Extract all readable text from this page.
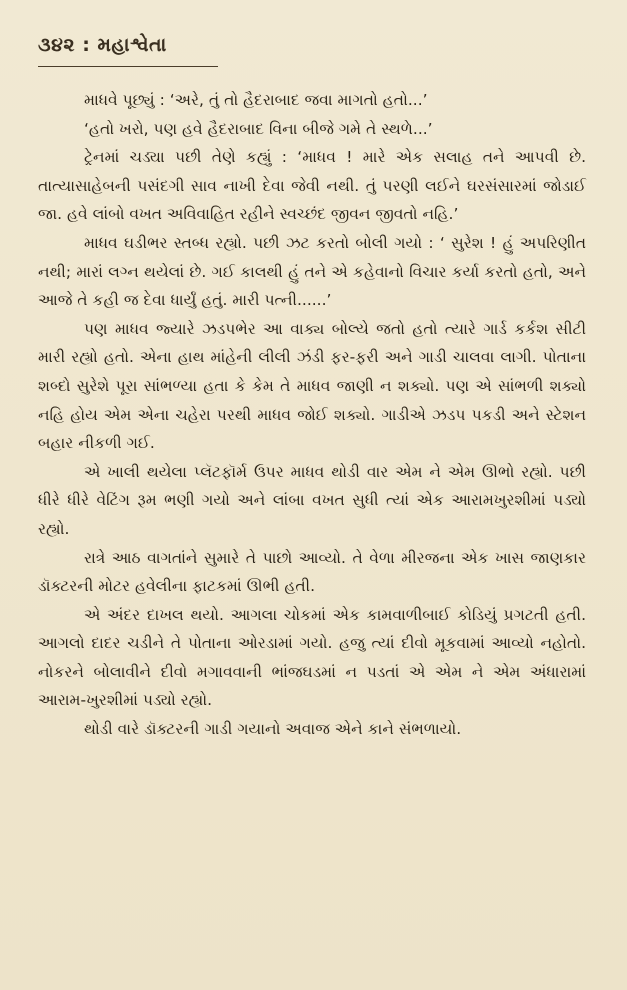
૩૪૨ : મહાશ્વેતા

માધવે પૂછ્યું : ‘અરે, તું તો હૈદરાબાદ જવા માગતો હતો...’

‘હતો ખરો, પણ હવે હૈદરાબાદ વિના બીજે ગમે તે સ્થળે...’

ટ્રેનમાં ચડ્યા પછી તેણે કહ્યું : ‘માધવ ! મારે એક સલાહ તને આપવી છે. તાત્યાસાહેબની પસંદગી સાવ નાખી દેવા જેવી નથી. તું પરણી લઈને ઘરસંસારમાં જોડાઈ જા. હવે લાંબો વખત અવિવાહિત રહીને સ્વચ્છંદ જીવન જીવતો નહિ.’

માધવ ઘડીભર સ્તબ્ધ રહ્યો. પછી ઝટ કરતો બોલી ગયો : ‘ સુરેશ ! હું અપરિણીત નથી; મારાં લગ્ન થયેલાં છે. ગઈ કાલથી હું તને એ કહેવાનો વિચાર કર્યા કરતો હતો, અને આજે તે કહી જ દેવા ધાર્યું હતું. મારી પત્ની......’

પણ માધવ જ્યારે ઝડપભેર આ વાક્ય બોલ્યે જતો હતો ત્યારે ગાર્ડ કર્કશ સીટી મારી રહ્યો હતો. એના હાથ માંહેની લીલી ઝંડી ફર-ફરી અને ગાડી ચાલવા લાગી. પોતાના શબ્દો સુરેશે પૂરા સાંભળ્યા હતા કે કેમ તે માધવ જાણી ન શક્યો. પણ એ સાંભળી શક્યો નહિ હોય એમ એના ચહેરા પરથી માધવ જોઈ શક્યો. ગાડીએ ઝડપ પકડી અને સ્ટેશન બહાર નીકળી ગઈ.

એ ખાલી થયેલા પ્લૅટફૉર્મ ઉપર માધવ થોડી વાર એમ ને એમ ઊભો રહ્યો. પછી ધીરે ધીરે વેટિંગ રૂમ ભણી ગયો અને લાંબા વખત સુધી ત્યાં એક આરામખુરશીમાં પડ્યો રહ્યો.

રાત્રે આઠ વાગતાંને સુમારે તે પાછો આવ્યો. તે વેળા મીરજના એક ખાસ જાણકાર ડૉક્ટરની મોટર હવેલીના ફાટકમાં ઊભી હતી.

એ અંદર દાખલ થયો. આગલા ચોકમાં એક કામવાળીબાઈ કોડિયું પ્રગટતી હતી. આગલો દાદર ચડીને તે પોતાના ઓરડામાં ગયો. હજુ ત્યાં દીવો મૂકવામાં આવ્યો નહોતો. નોકરને બોલાવીને દીવો મગાવવાની ભાંજઘડમાં ન પડતાં એ એમ ને એમ અંધારામાં આરામ-ખુરશીમાં પડ્યો રહ્યો.

થોડી વારે ડૉક્ટરની ગાડી ગયાનો અવાજ એને કાને સંભળાયો.
